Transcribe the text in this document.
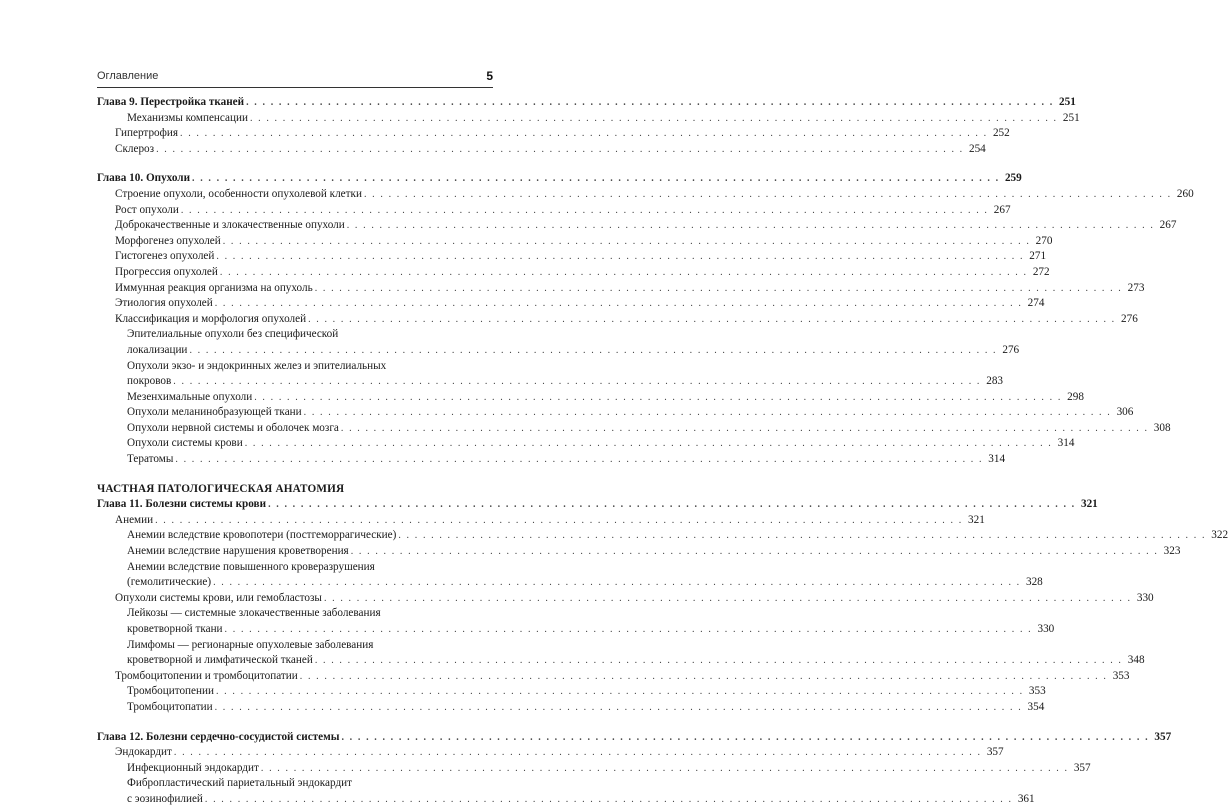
Оглавление	5
Глава 9. Перестройка тканей . . .	251
Механизмы компенсации . . .	251
Гипертрофия . . .	252
Склероз . . .	254
Глава 10. Опухоли . . .	259
Строение опухоли, особенности опухолевой клетки . . .	260
Рост опухоли . . .	267
Доброкачественные и злокачественные опухоли . . .	267
Морфогенез опухолей . . .	270
Гистогенез опухолей . . .	271
Прогрессия опухолей . . .	272
Иммунная реакция организма на опухоль . . .	273
Этиология опухолей . . .	274
Классификация и морфология опухолей . . .	276
Эпителиальные опухоли без специфической
локализации . . .	276
Опухоли экзо- и эндокринных желез и эпителиальных
покровов . . .	283
Мезенхимальные опухоли . . .	298
Опухоли меланинобразующей ткани . . .	306
Опухоли нервной системы и оболочек мозга . . .	308
Опухоли системы крови . . .	314
Тератомы . . .	314
ЧАСТНАЯ ПАТОЛОГИЧЕСКАЯ АНАТОМИЯ
Глава 11. Болезни системы крови . . .	321
Анемии . . .	321
Анемии вследствие кровопотери (постгеморрагические) . . .	322
Анемии вследствие нарушения кроветворения . . .	323
Анемии вследствие повышенного кроверазрушения
(гемолитические) . . .	328
Опухоли системы крови, или гемобластозы . . .	330
Лейкозы — системные злокачественные заболевания
кроветворной ткани . . .	330
Лимфомы — регионарные опухолевые заболевания
кроветворной и лимфатической тканей . . .	348
Тромбоцитопении и тромбоцитопатии . . .	353
Тромбоцитопении . . .	353
Тромбоцитопатии . . .	354
Глава 12. Болезни сердечно-сосудистой системы . . .	357
Эндокардит . . .	357
Инфекционный эндокардит . . .	357
Фибропластический париетальный эндокардит
с эозинофилией . . .	361
